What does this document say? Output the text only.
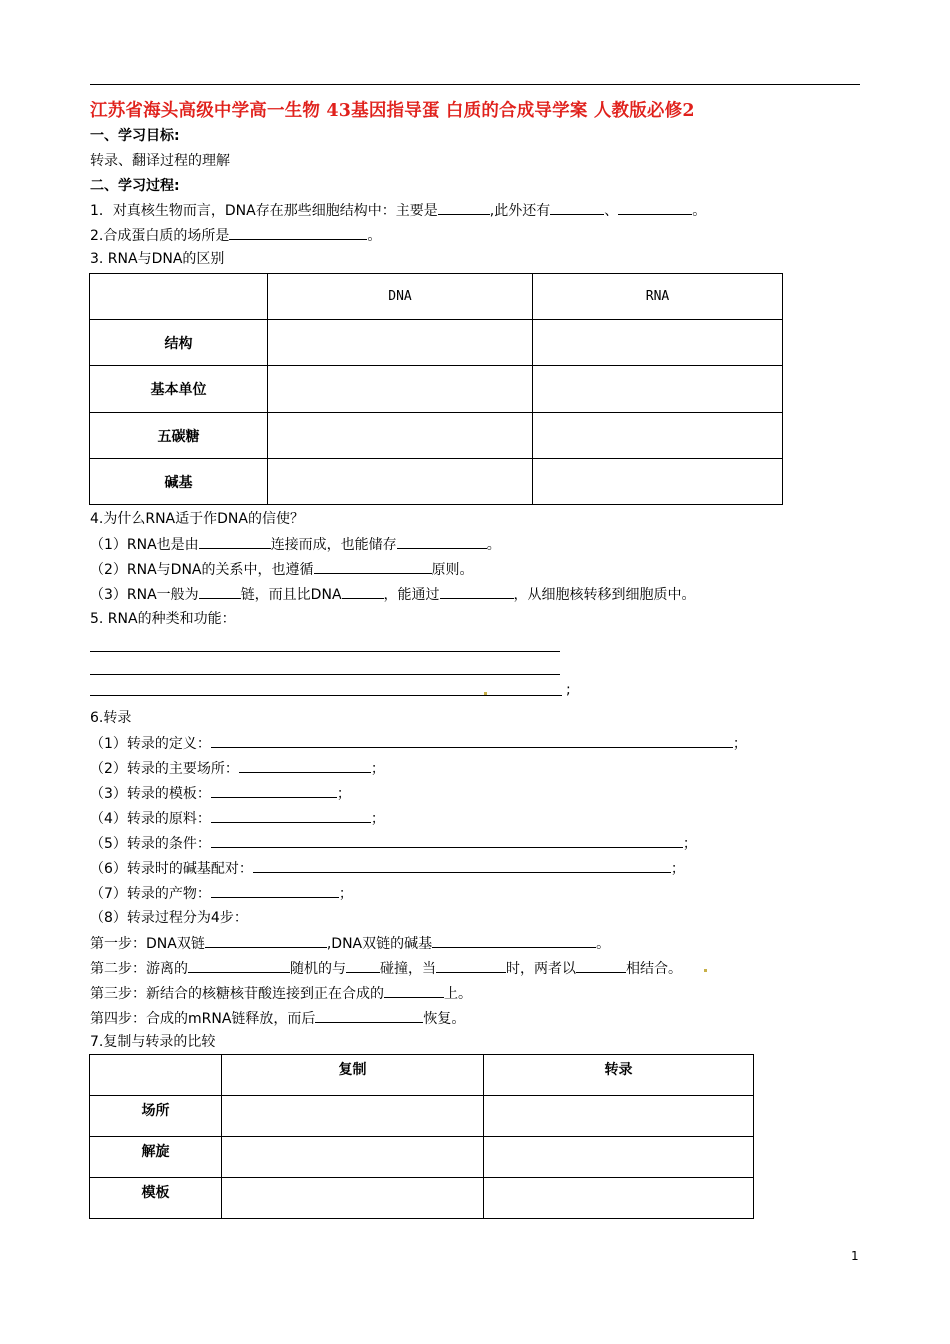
江苏省海头高级中学高一生物 43基因指导蛋 白质的合成导学案 人教版必修2
一、学习目标:
转录、翻译过程的理解
二、学习过程:
1．对真核生物而言，DNA存在那些细胞结构中：主要是	,此外还有	、	。
2.合成蛋白质的场所是	。
3. RNA与DNA的区别
	DNA	RNA
结构		
基本单位		
五碳糖		
碱基		
4.为什么RNA适于作DNA的信使？
（1）RNA也是由	连接而成，也能储存	。
（2）RNA与DNA的关系中，也遵循	原则。
（3）RNA一般为	链，而且比DNA	，能通过	，从细胞核转移到细胞质中。
5. RNA的种类和功能：
;
6.转录
（1）转录的定义：	；
（2）转录的主要场所：	；
（3）转录的模板：	；
（4）转录的原料：	；
（5）转录的条件：	；
（6）转录时的碱基配对：	；
（7）转录的产物：	；
（8）转录过程分为4步：
第一步：DNA双链	,DNA双链的碱基	。
第二步：游离的	随机的与 碰撞，当	时，两者以	相结合。
第三步：新结合的核糖核苷酸连接到正在合成的	上。
第四步：合成的mRNA链释放，而后	恢复。
7.复制与转录的比较
	复制	转录
场所		
解旋		
模板		
1
